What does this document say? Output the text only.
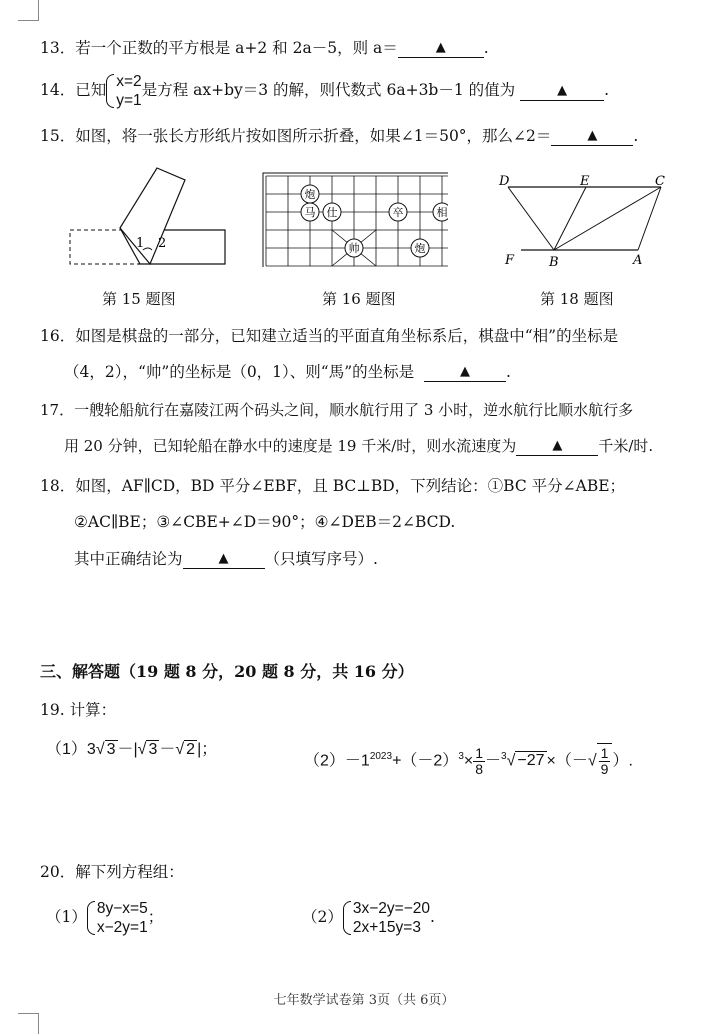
13．若一个正数的平方根是 a+2 和 2a－5，则 a＝	▲ .
14．已知 x=2
y=1
是方程 ax+by＝3 的解，则代数式 6a+3b－1 的值为	▲ .
15．如图，将一张长方形纸片按如图所示折叠，如果∠1＝50°，那么∠2＝	▲ .
1 2
第 15 题图
炮
马 仕	卒	相
帅	炮
第 16 题图
D	E	C
F	B	A
第 18 题图
16．如图是棋盘的一部分，已知建立适当的平面直角坐标系后，棋盘中“相”的坐标是
（4，2），“帅”的坐标是（0，1）、则“馬”的坐标是	▲ .
17．一艘轮船航行在嘉陵江两个码头之间，顺水航行用了 3 小时，逆水航行比顺水航行多
用 20 分钟，已知轮船在静水中的速度是 19 千米/时，则水流速度为	▲ 千米/时.
18．如图，AF∥CD，BD 平分∠EBF，且 BC⊥BD，下列结论：①BC 平分∠ABE；
②AC∥BE；③∠CBE+∠D＝90°；④∠DEB＝2∠BCD.
其中正确结论为	▲ （只填写序号）.
三、解答题（19 题 8 分，20 题 8 分，共 16 分）
19. 计算：
（1）3√ 3 －|√ 3 －√ 2 |；
$(2)-1^{2023}+(-2)^3\times \frac{1}{8} -^3√ -27$ ×（－√ $\frac{1}{9}$ ）.
20．解下列方程组：
（1） 8y−x=5
x−2y=1
；	（2） 3x−2y=−20
2x+15y=3
.
七年数学试卷第 3页（共 6页）
